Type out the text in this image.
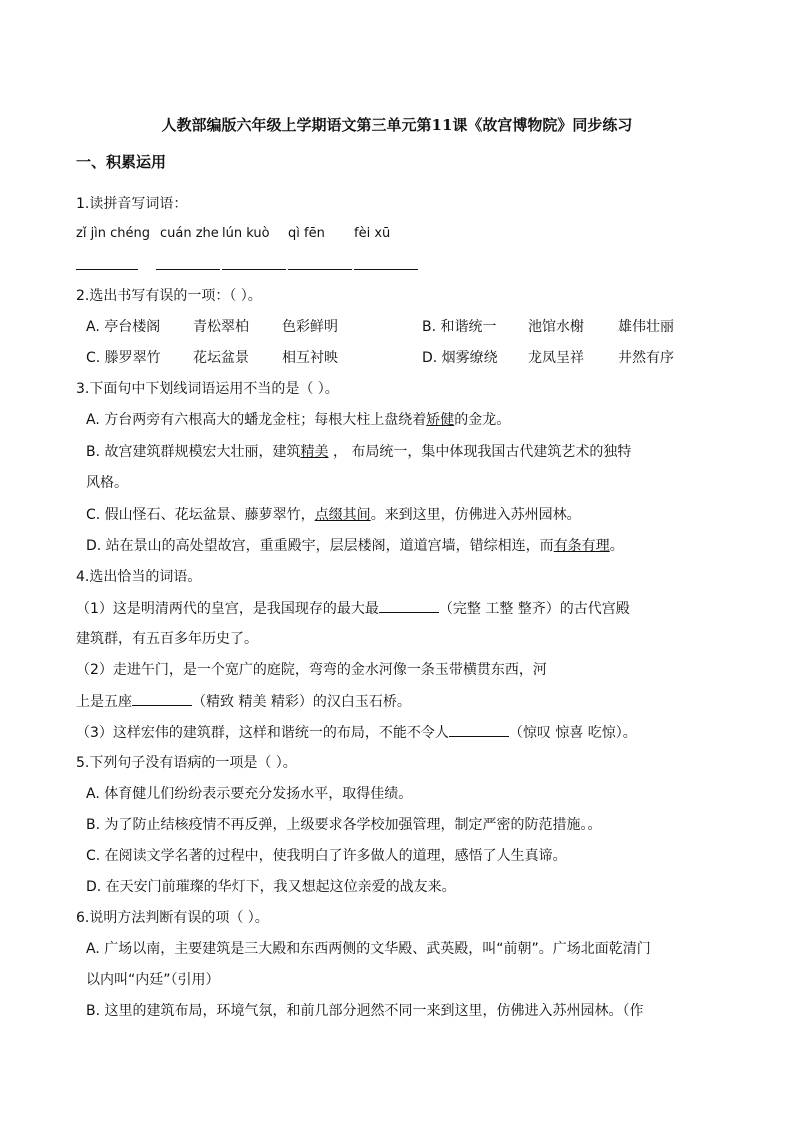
人教部编版六年级上学期语文第三单元第11课《故宫博物院》同步练习
一、积累运用
1.读拼音写词语：
zǐ jìn chéng cuán zhe lún kuò qì fēn fèi xū
2.选出书写有误的一项：（ ）。
A. 亭台楼阁 青松翠柏 色彩鲜明	B. 和谐统一 池馆水榭 雄伟壮丽
C. 滕罗翠竹 花坛盆景 相互衬映	D. 烟雾缭绕 龙凤呈祥 井然有序
3.下面句中下划线词语运用不当的是（ ）。
A. 方台两旁有六根高大的蟠龙金柱；每根大柱上盘绕着矫健的金龙。
B. 故宫建筑群规模宏大壮丽，建筑精美 ， 布局统一，集中体现我国古代建筑艺术的独特
风格。
C. 假山怪石、花坛盆景、藤萝翠竹，点缀其间。来到这里，仿佛进入苏州园林。
D. 站在景山的高处望故宫，重重殿宇，层层楼阁，道道宫墙，错综相连，而有条有理。
4.选出恰当的词语。
（1）这是明清两代的皇宫，是我国现存的最大最	（完整 工整 整齐）的古代宫殿
建筑群，有五百多年历史了。
（2）走进午门，是一个宽广的庭院，弯弯的金水河像一条玉带横贯东西，河
上是五座	（精致 精美 精彩）的汉白玉石桥。
（3）这样宏伟的建筑群，这样和谐统一的布局，不能不令人	（惊叹 惊喜 吃惊）。
5.下列句子没有语病的一项是（ ）。
A. 体育健儿们纷纷表示要充分发扬水平，取得佳绩。
B. 为了防止结核疫情不再反弹，上级要求各学校加强管理，制定严密的防范措施。。
C. 在阅读文学名著的过程中，使我明白了许多做人的道理，感悟了人生真谛。
D. 在天安门前璀璨的华灯下，我又想起这位亲爱的战友来。
6.说明方法判断有误的项（ ）。
A. 广场以南，主要建筑是三大殿和东西两侧的文华殿、武英殿，叫“前朝”。广场北面乾清门
以内叫“内廷”（引用）
B. 这里的建筑布局，环境气氛，和前几部分迥然不同一来到这里，仿佛进入苏州园林。（作
